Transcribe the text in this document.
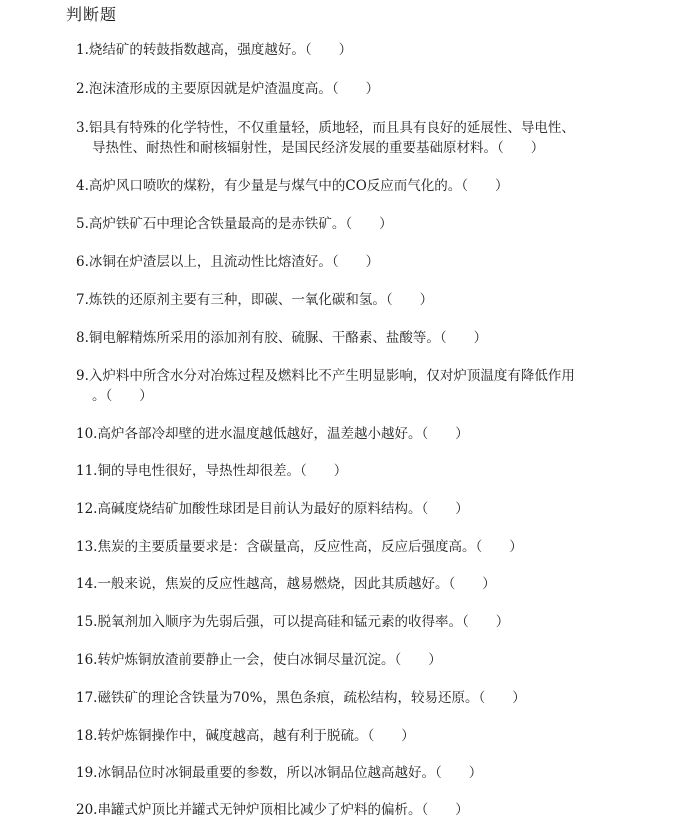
判断题
1.烧结矿的转鼓指数越高，强度越好。（　　）
2.泡沫渣形成的主要原因就是炉渣温度高。（　　）
3.铝具有特殊的化学特性，不仅重量轻，质地轻，而且具有良好的延展性、导电性、
导热性、耐热性和耐核辐射性，是国民经济发展的重要基础原材料。（　　）
4.高炉风口喷吹的煤粉，有少量是与煤气中的CO反应而气化的。（　　）
5.高炉铁矿石中理论含铁量最高的是赤铁矿。（　　）
6.冰铜在炉渣层以上，且流动性比熔渣好。（　　）
7.炼铁的还原剂主要有三种，即碳、一氧化碳和氢。（　　）
8.铜电解精炼所采用的添加剂有胶、硫脲、干酪素、盐酸等。（　　）
9.入炉料中所含水分对冶炼过程及燃料比不产生明显影响，仅对炉顶温度有降低作用
。（　　）
10.高炉各部冷却壁的进水温度越低越好，温差越小越好。（　　）
11.铜的导电性很好，导热性却很差。（　　）
12.高碱度烧结矿加酸性球团是目前认为最好的原料结构。（　　）
13.焦炭的主要质量要求是：含碳量高，反应性高，反应后强度高。（　　）
14.一般来说，焦炭的反应性越高，越易燃烧，因此其质越好。（　　）
15.脱氧剂加入顺序为先弱后强，可以提高硅和锰元素的收得率。（　　）
16.转炉炼铜放渣前要静止一会，使白冰铜尽量沉淀。（　　）
17.磁铁矿的理论含铁量为70%，黑色条痕，疏松结构，较易还原。（　　）
18.转炉炼铜操作中，碱度越高，越有利于脱硫。（　　）
19.冰铜品位时冰铜最重要的参数，所以冰铜品位越高越好。（　　）
20.串罐式炉顶比并罐式无钟炉顶相比减少了炉料的偏析。（　　）
